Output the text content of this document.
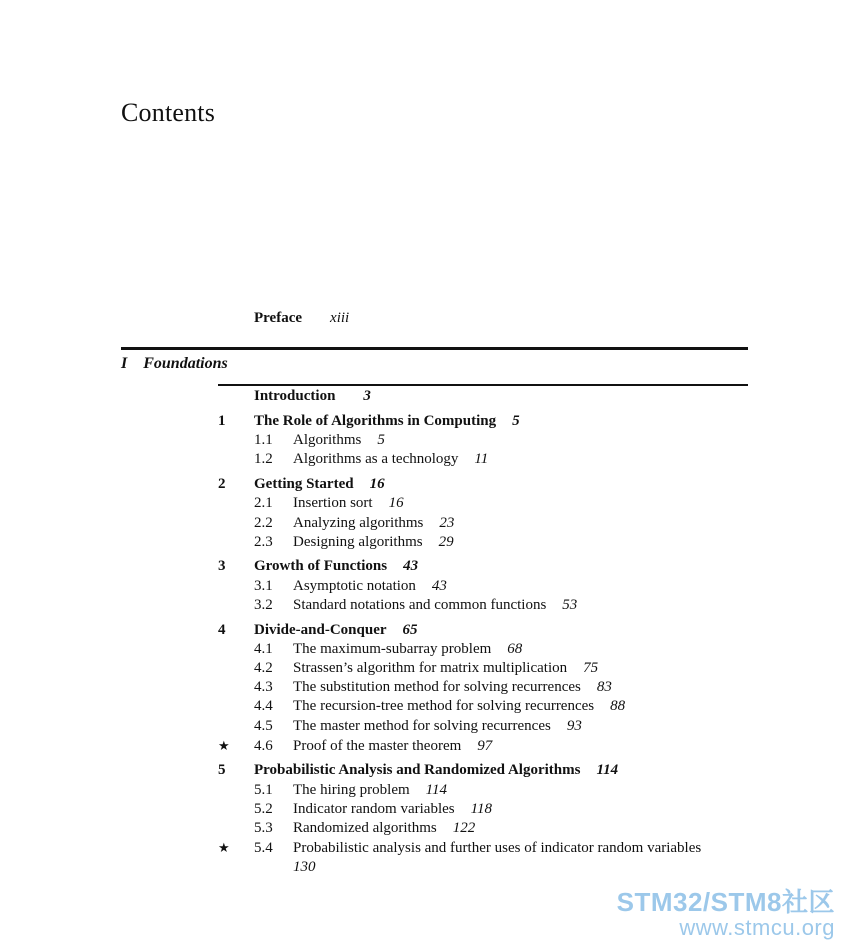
Contents
Preface xiii
I Foundations
Introduction 3
1	The Role of Algorithms in Computing 5
1.1	Algorithms 5
1.2	Algorithms as a technology 11
2	Getting Started 16
2.1	Insertion sort 16
2.2	Analyzing algorithms 23
2.3	Designing algorithms 29
3	Growth of Functions 43
3.1	Asymptotic notation 43
3.2	Standard notations and common functions 53
4	Divide-and-Conquer 65
4.1	The maximum-subarray problem 68
4.2	Strassen’s algorithm for matrix multiplication 75
4.3	The substitution method for solving recurrences 83
4.4	The recursion-tree method for solving recurrences 88
4.5	The master method for solving recurrences 93
★	4.6	Proof of the master theorem 97
5	Probabilistic Analysis and Randomized Algorithms 114
5.1	The hiring problem 114
5.2	Indicator random variables 118
5.3	Randomized algorithms 122
★	5.4	Probabilistic analysis and further uses of indicator random variables
130
STM32/STM8社区
www.stmcu.org
